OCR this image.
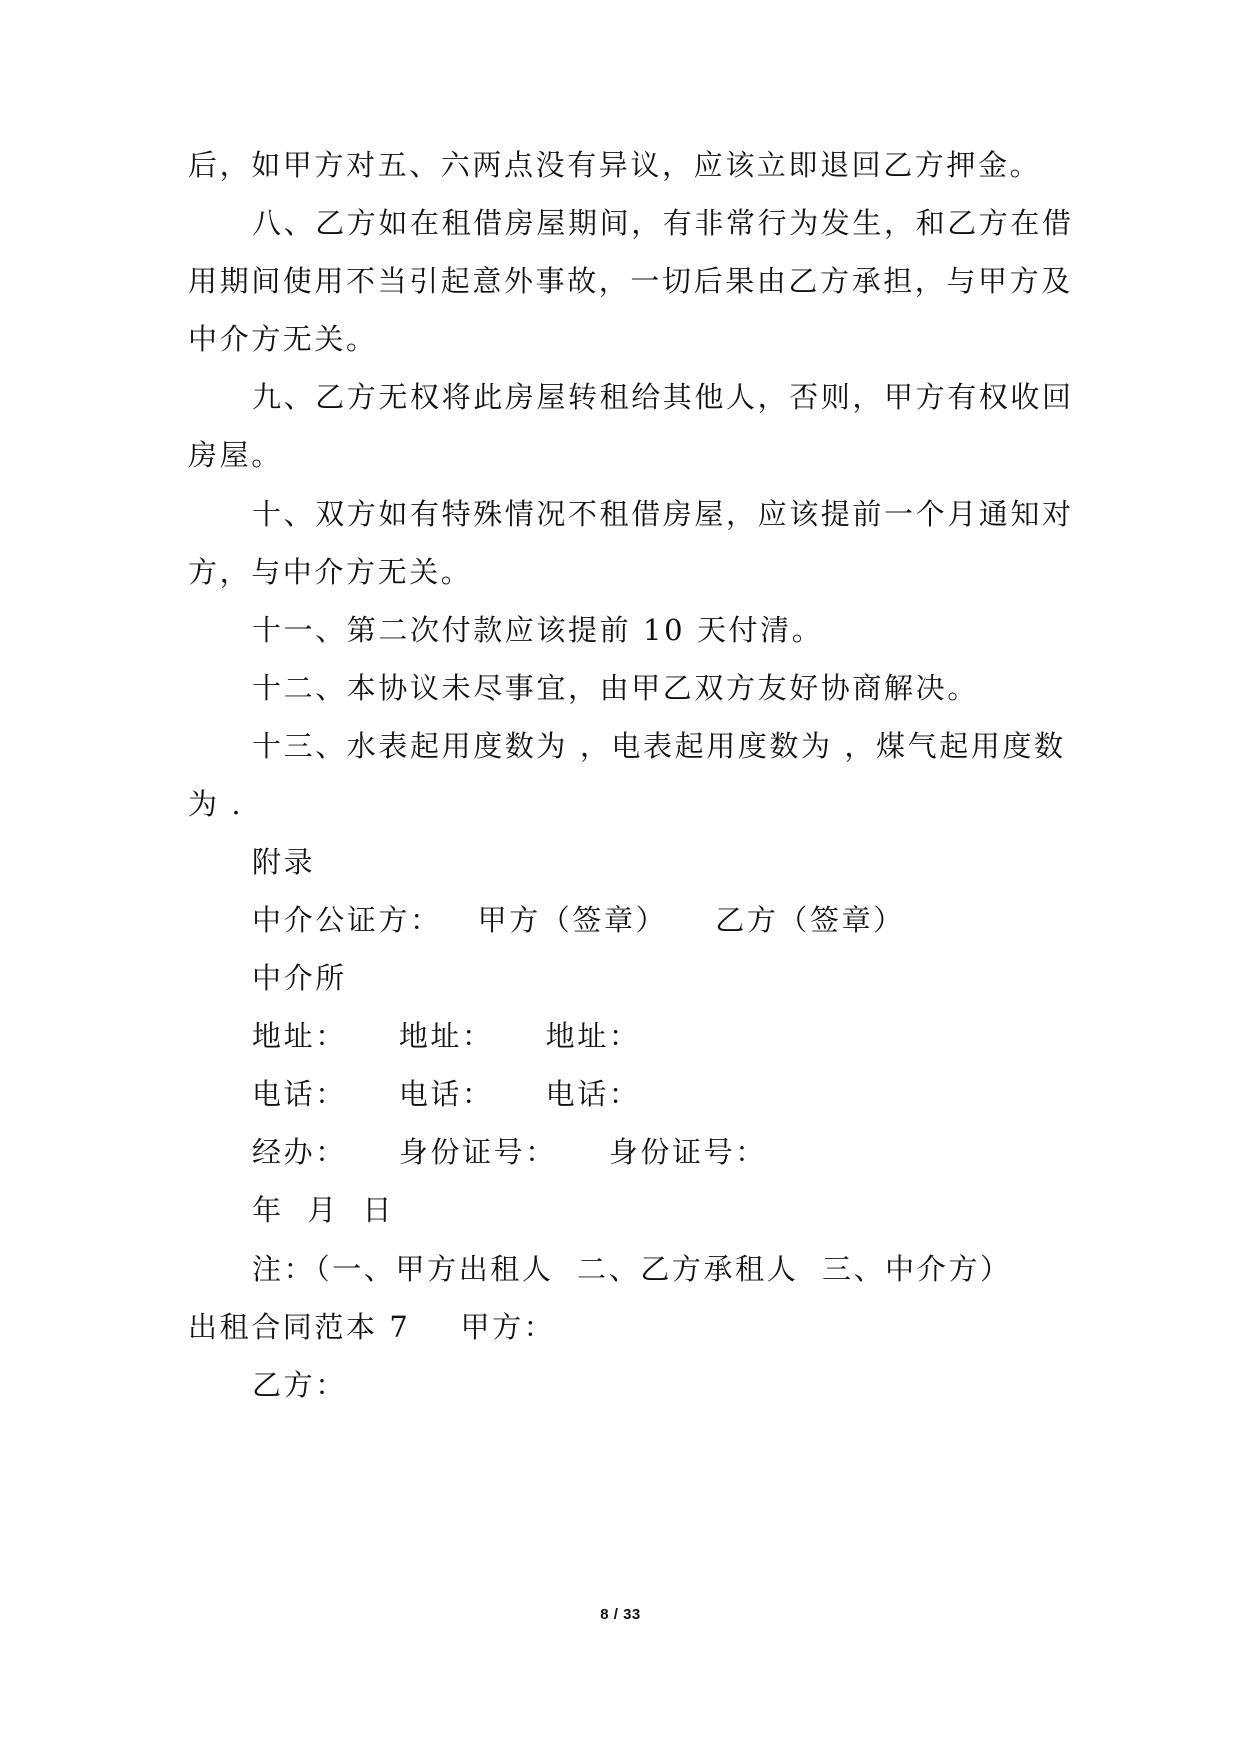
后，如甲方对五、六两点没有异议，应该立即退回乙方押金。
八、乙方如在租借房屋期间，有非常行为发生，和乙方在借
用期间使用不当引起意外事故，一切后果由乙方承担，与甲方及
中介方无关。
九、乙方无权将此房屋转租给其他人，否则，甲方有权收回
房屋。
十、双方如有特殊情况不租借房屋，应该提前一个月通知对
方，与中介方无关。
十一、第二次付款应该提前 10 天付清。
十二、本协议未尽事宜，由甲乙双方友好协商解决。
十三、水表起用度数为 ，电表起用度数为 ，煤气起用度数
为 .
附录
中介公证方： 甲方（签章） 乙方（签章）
中介所
地址： 地址： 地址：
电话： 电话： 电话：
经办： 身份证号： 身份证号：
年  月  日
注：（一、甲方出租人  二、乙方承租人  三、中介方）
出租合同范本 7 甲方：
乙方：
8 / 33
